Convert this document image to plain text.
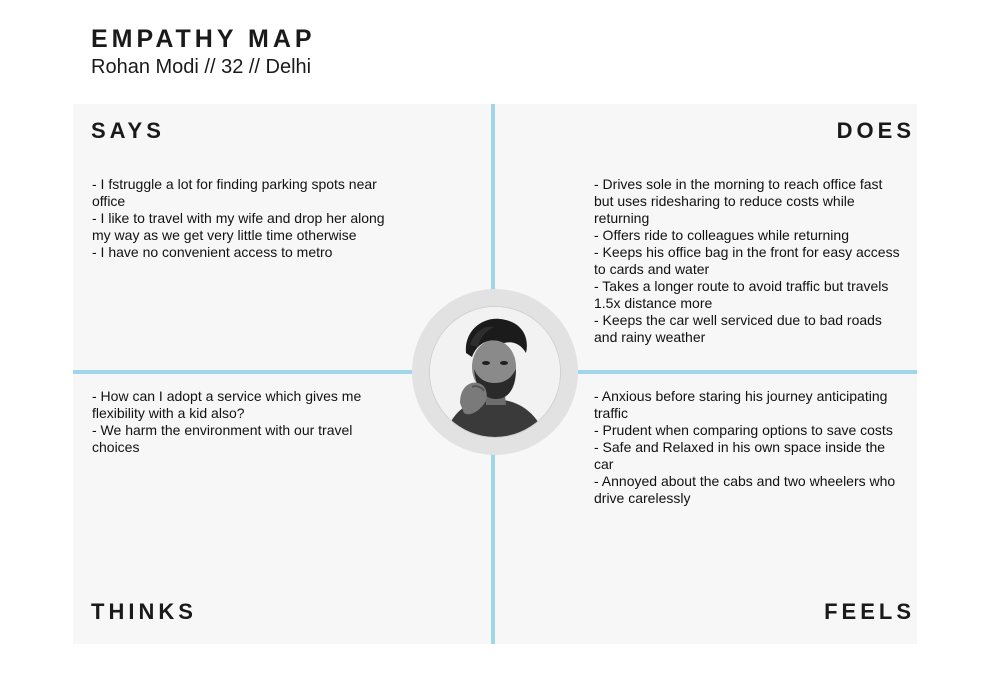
EMPATHY MAP
Rohan Modi // 32 // Delhi
SAYS	DOES
THINKS	FEELS
- I fstruggle a lot for finding parking spots near office
- I like to travel with my wife and drop her along my way as we get very little time otherwise
- I have no convenient access to metro
- Drives sole in the morning to reach office fast but uses ridesharing to reduce costs while returning
- Offers ride to colleagues while returning
- Keeps his office bag in the front for easy access to cards and water
- Takes a longer route to avoid traffic but travels 1.5x distance more
- Keeps the car well serviced due to bad roads and rainy weather
- How can I adopt a service which gives me flexibility with a kid also?
- We harm the environment with our travel choices
- Anxious before staring his journey anticipating traffic
- Prudent when comparing options to save costs
- Safe and Relaxed in his own space inside the car
- Annoyed about the cabs and two wheelers who drive carelessly
